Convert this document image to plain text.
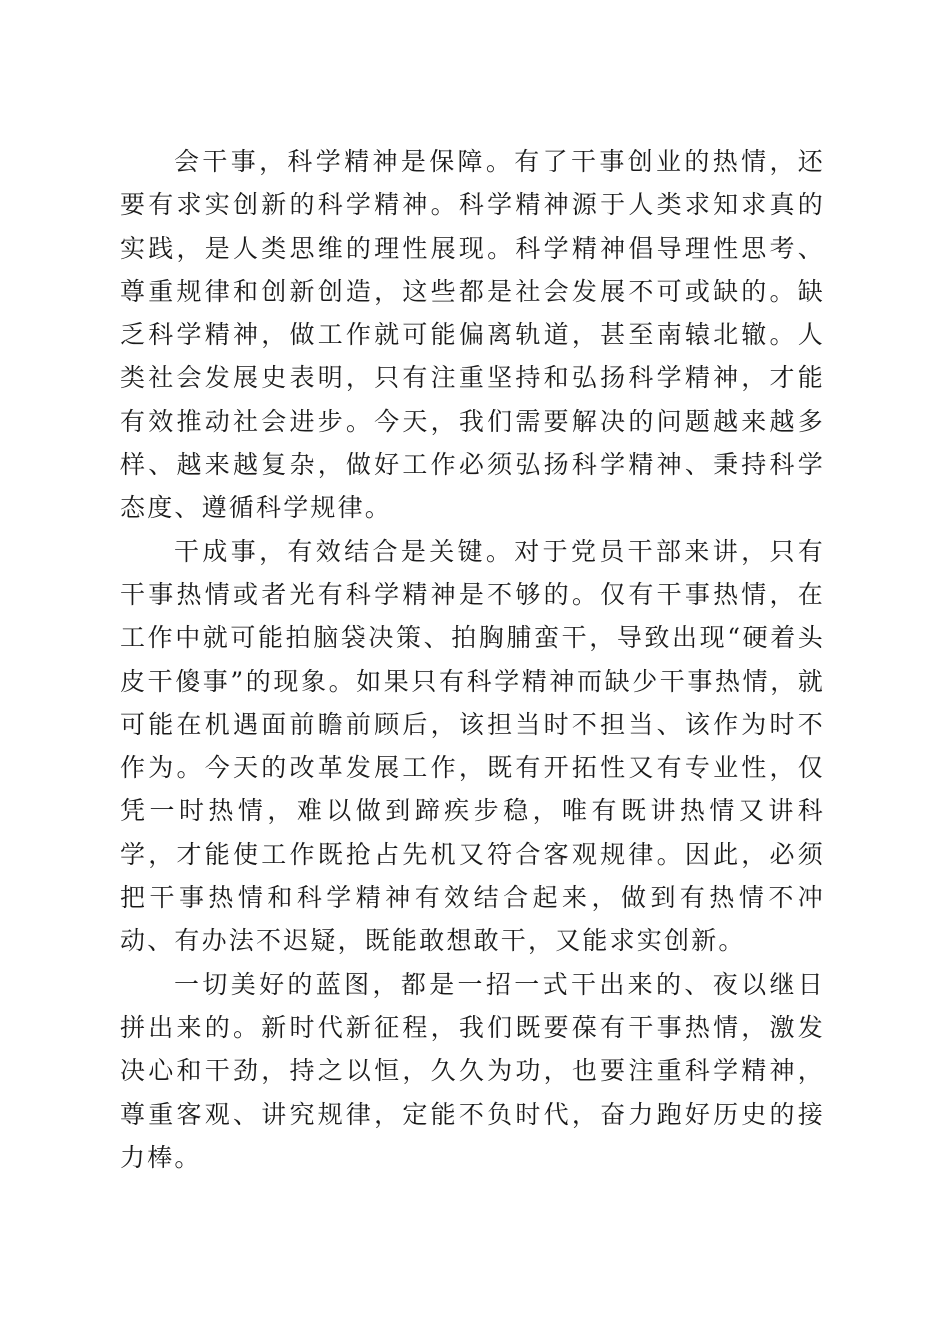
会干事，科学精神是保障。有了干事创业的热情，还要有求实创新的科学精神。科学精神源于人类求知求真的实践，是人类思维的理性展现。科学精神倡导理性思考、尊重规律和创新创造，这些都是社会发展不可或缺的。缺乏科学精神，做工作就可能偏离轨道，甚至南辕北辙。人类社会发展史表明，只有注重坚持和弘扬科学精神，才能有效推动社会进步。今天，我们需要解决的问题越来越多样、越来越复杂，做好工作必须弘扬科学精神、秉持科学态度、遵循科学规律。

干成事，有效结合是关键。对于党员干部来讲，只有干事热情或者光有科学精神是不够的。仅有干事热情，在工作中就可能拍脑袋决策、拍胸脯蛮干，导致出现“硬着头皮干傻事”的现象。如果只有科学精神而缺少干事热情，就可能在机遇面前瞻前顾后，该担当时不担当、该作为时不作为。今天的改革发展工作，既有开拓性又有专业性，仅凭一时热情，难以做到蹄疾步稳，唯有既讲热情又讲科学，才能使工作既抢占先机又符合客观规律。因此，必须把干事热情和科学精神有效结合起来，做到有热情不冲动、有办法不迟疑，既能敢想敢干，又能求实创新。

一切美好的蓝图，都是一招一式干出来的、夜以继日拼出来的。新时代新征程，我们既要葆有干事热情，激发决心和干劲，持之以恒，久久为功，也要注重科学精神，尊重客观、讲究规律，定能不负时代，奋力跑好历史的接力棒。
